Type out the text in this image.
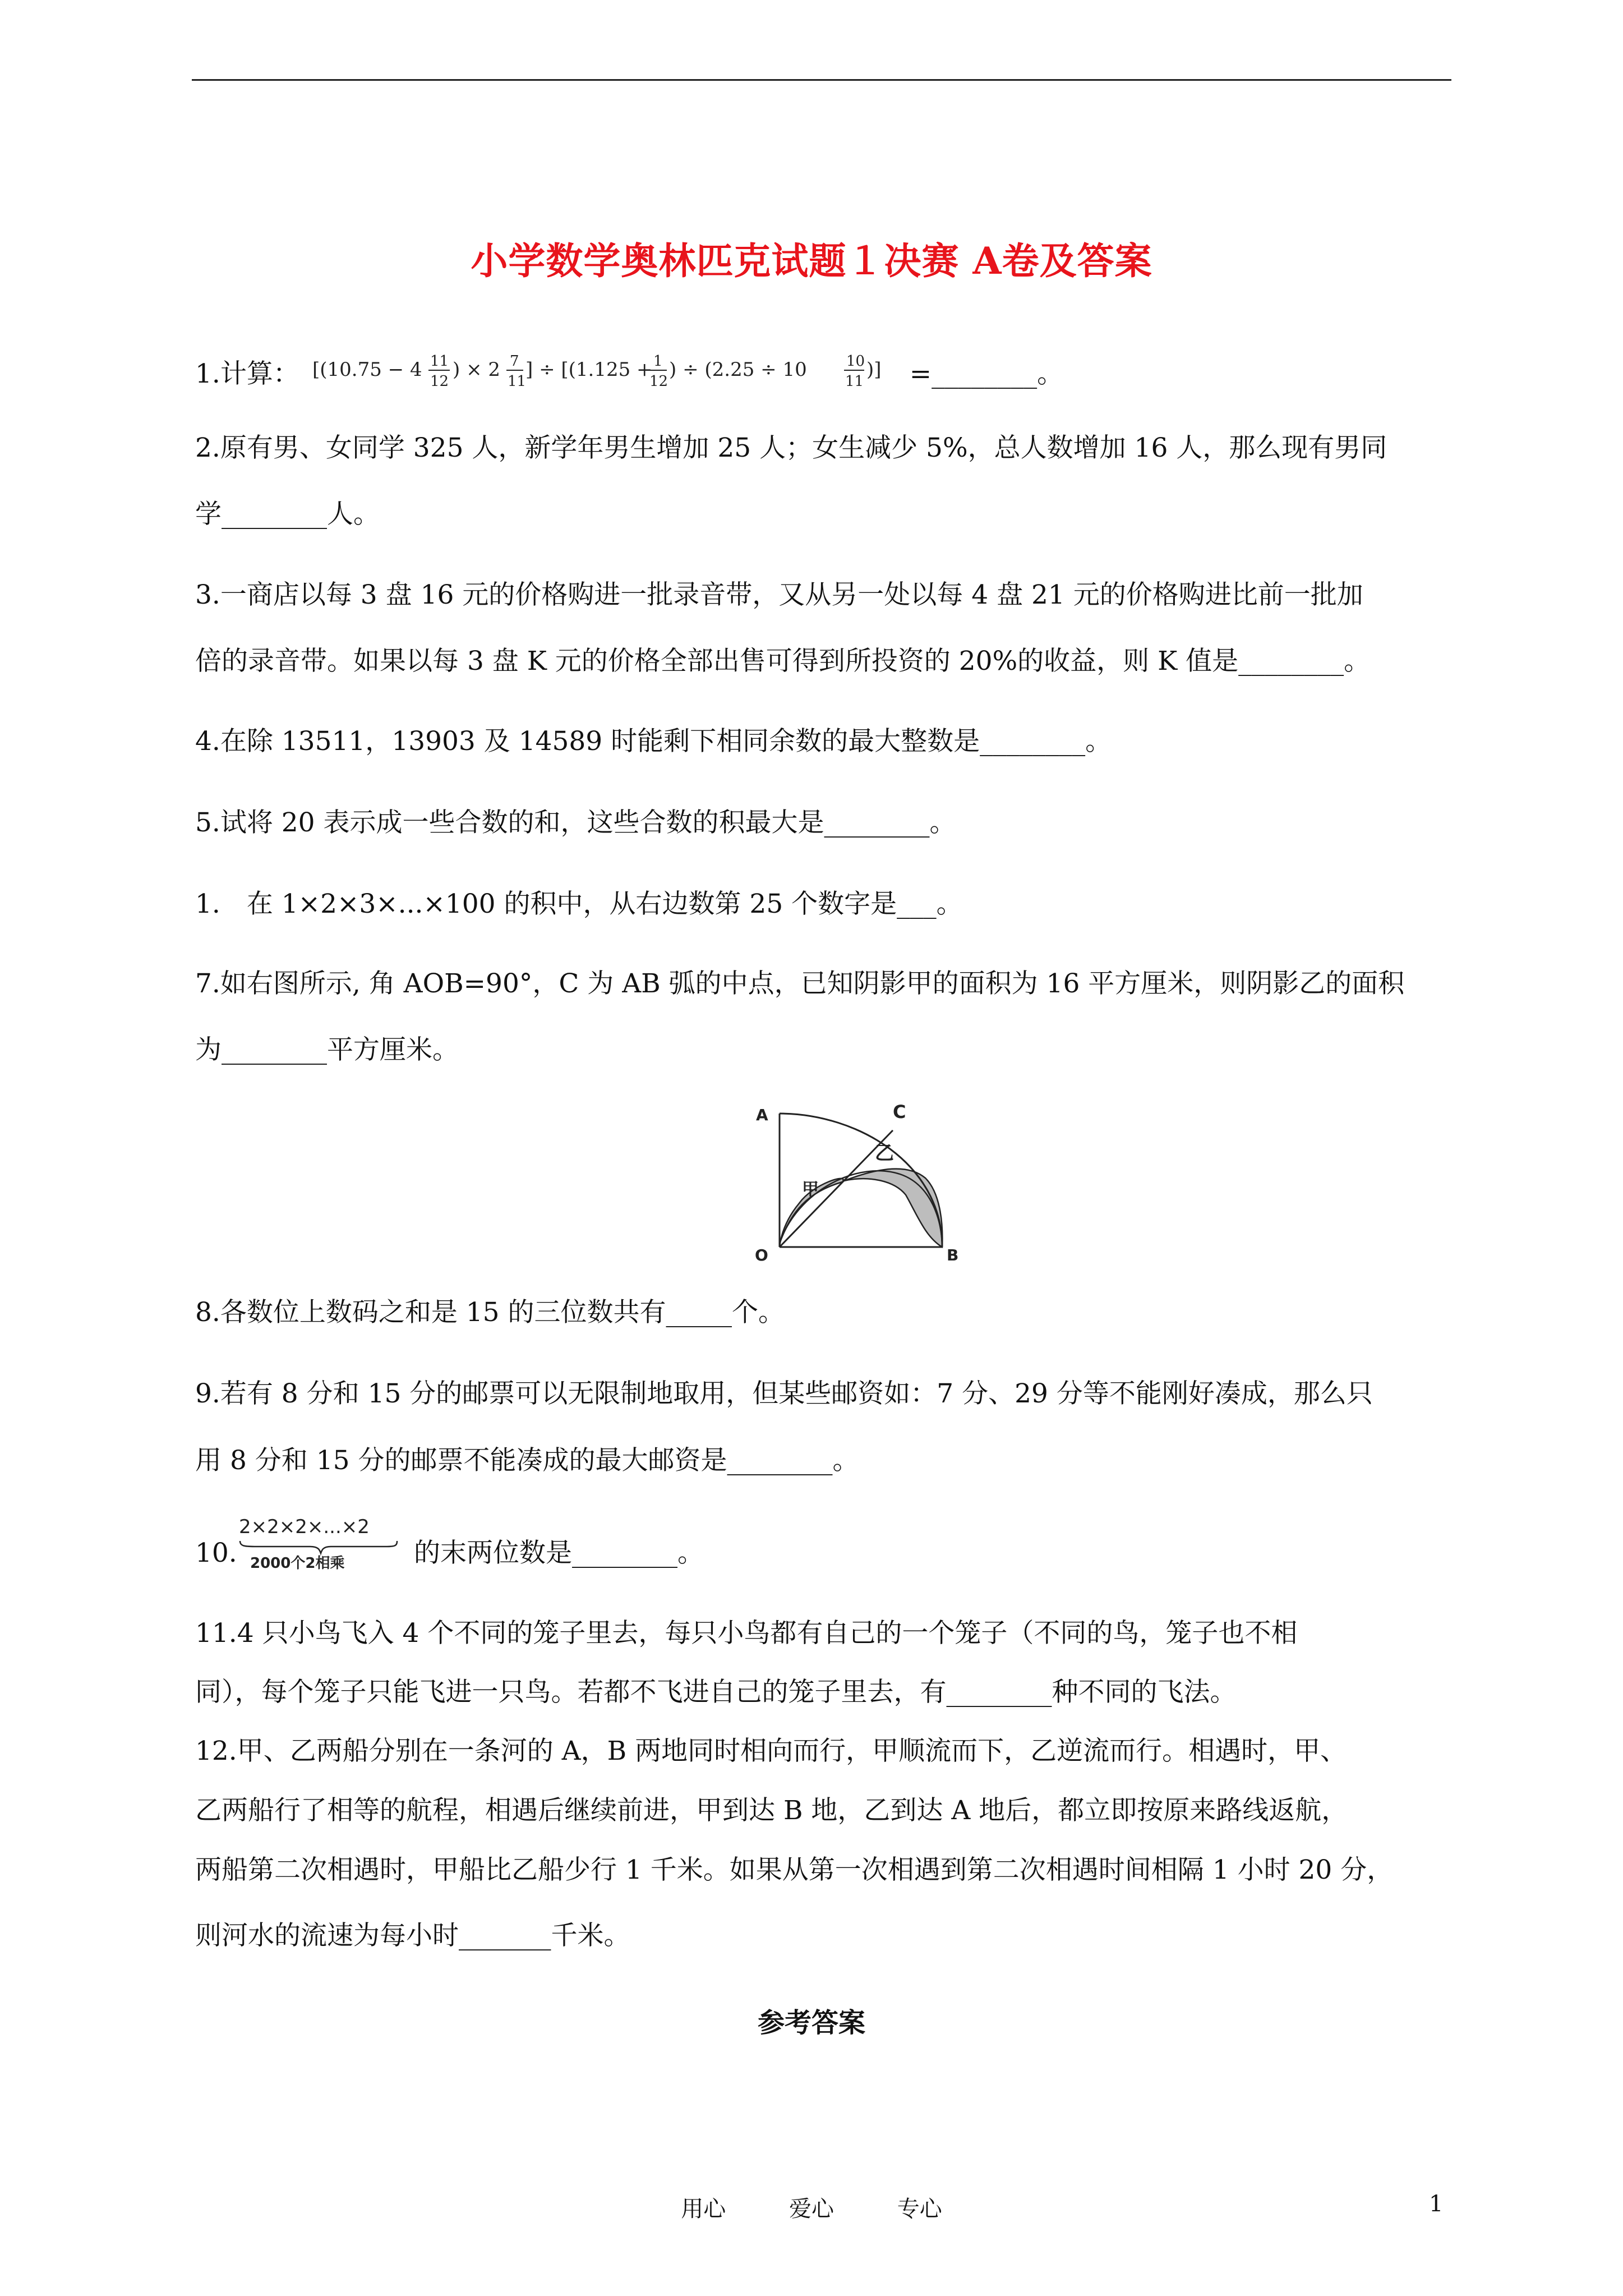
小学数学奥林匹克试题１决赛 A卷及答案
1.计算： [(10.75 − 4 11
12
) × 2 7
11
] ÷ [(1.125 + 1
12
) ÷ (2.25 ÷ 10	10
11
)] =________。
2.原有男、女同学 325 人，新学年男生增加 25 人；女生减少 5%，总人数增加 16 人，那么现有男同
学________人。
3.一商店以每 3 盘 16 元的价格购进一批录音带，又从另一处以每 4 盘 21 元的价格购进比前一批加
倍的录音带。如果以每 3 盘 K 元的价格全部出售可得到所投资的 20%的收益，则 K 值是________。
4.在除 13511，13903 及 14589 时能剩下相同余数的最大整数是________。
5.试将 20 表示成一些合数的和，这些合数的积最大是________。
1.　在 1×2×3×...×100 的积中，从右边数第 25 个数字是___。
7.如右图所示, 角 AOB=90°，C 为 AB 弧的中点，已知阴影甲的面积为 16 平方厘米，则阴影乙的面积
为________平方厘米。
A	C
O	B
甲
乙
8.各数位上数码之和是 15 的三位数共有_____个。
9.若有 8 分和 15 分的邮票可以无限制地取用，但某些邮资如：7 分、29 分等不能刚好凑成，那么只
用 8 分和 15 分的邮票不能凑成的最大邮资是________。
10.
2×2×2×...×2
2000个2相乘	的末两位数是________。
11.4 只小鸟飞入 4 个不同的笼子里去，每只小鸟都有自己的一个笼子（不同的鸟，笼子也不相
同），每个笼子只能飞进一只鸟。若都不飞进自己的笼子里去，有________种不同的飞法。
12.甲、乙两船分别在一条河的 A，B 两地同时相向而行，甲顺流而下，乙逆流而行。相遇时，甲、
乙两船行了相等的航程，相遇后继续前进，甲到达 B 地，乙到达 A 地后，都立即按原来路线返航，
两船第二次相遇时，甲船比乙船少行 1 千米。如果从第一次相遇到第二次相遇时间相隔 1 小时 20 分，
则河水的流速为每小时_______千米。
参考答案
用心	爱心	专心	1
